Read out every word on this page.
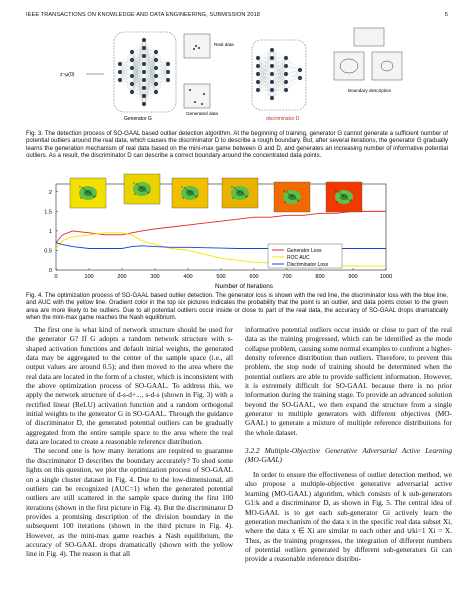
IEEE TRANSACTIONS ON KNOWLEDGE AND DATA ENGINEERING, SUBMISSION 2018	5
z~μ(0)
Generator G
Real data
Generated data
discriminator D
Boundary description
Fig. 3. The detection process of SO-GAAL based outlier detection algorithm. At the beginning of training, generator G cannot generate a sufficient number of potential outliers around the real data, which causes the discriminator D to describe a rough boundary. But, after several iterations, the generator G gradually learns the generation mechanism of real data based on the mini-max game between G and D, and generates an increasing number of informative potential outliers. As a result, the discriminator D can describe a correct boundary around the concentrated data points.
0	100	200	300	400	500	600	700	800	900	1000
0
0.5
1
1.5
2
Generator Loss
ROC AUC
Discriminator Loss
Number of Iterations
Fig. 4. The optimization process of SO-GAAL based outlier detection. The generator loss is shown with the red line, the discriminator loss with the blue line, and AUC with the yellow line. Gradient color in the top six pictures indicates the probability that the point is an outlier, and data points closer to the green area are more likely to be outliers. Due to all potential outliers occur inside or close to part of the real data, the accuracy of SO-GAAL drops dramatically when the mini-max game reaches the Nash equilibrium.

The first one is what kind of network structure should be used for the generator G? If G adopts a random network structure with s-shaped activation functions and default initial weights, the generated data may be aggregated to the center of the sample space (i.e., all output values are around 0.5); and then moved to the area where the real data are located in the form of a cluster, which is inconsistent with the above optimization process of SO-GAAL. To address this, we apply the network structure of d-s-d+..., s-d-s (shown in Fig. 3) with a rectified linear (ReLU) activation function and a random orthogonal initial weights to the generator G in SO-GAAL. Through the guidance of discriminator D, the generated potential outliers can be gradually aggregated from the entire sample space to the area where the real data are located to create a reasonable reference distribution.

The second one is how many iterations are required to guarantee the discriminator D describes the boundary accurately? To shed some lights on this question, we plot the optimization process of SO-GAAL on a single cluster dataset in Fig. 4. Due to the low-dimensional, all outliers can be recognized (AUC=1) when the generated potential outliers are still scattered in the sample space during the first 100 iterations (shown in the first picture in Fig. 4). But the discriminator D provides a promising description of the division boundary in the subsequent 100 iterations (shown in the third picture in Fig. 4). However, as the mini-max game reaches a Nash equilibrium, the accuracy of SO-GAAL drops dramatically (shown with the yellow line in Fig. 4). The reason is that all

informative potential outliers occur inside or close to part of the real data as the training progressed, which can be identified as the mode collapse problem, causing some normal examples to confront a higher-density reference distribution than outliers. Therefore, to prevent this problem, the stop node of training should be determined when the potential outliers are able to provide sufficient information. However, it is extremely difficult for SO-GAAL because there is no prior information during the training stage. To provide an advanced solution beyond the SO-GAAL, we then expand the structure from a single generator to multiple generators with different objectives (MO-GAAL) to generate a mixture of multiple reference distributions for the whole dataset.

3.2.2 Multiple-Objective Generative Adversarial Active Learning (MO-GAAL)

In order to ensure the effectiveness of outlier detection method, we also propose a multiple-objective generative adversarial active learning (MO-GAAL) algorithm, which consists of k sub-generators G1:k and a discriminator D, as shown in Fig. 5. The central idea of MO-GAAL is to get each sub-generator Gi actively learn the generation mechanism of the data x in the specific real data subset Xi, where the data x ∈ Xi are similar to each other and ∪ki=1 Xi = X. Thus, as the training progresses, the integration of different numbers of potential outliers generated by different sub-generators Gi can provide a reasonable reference distribu-
